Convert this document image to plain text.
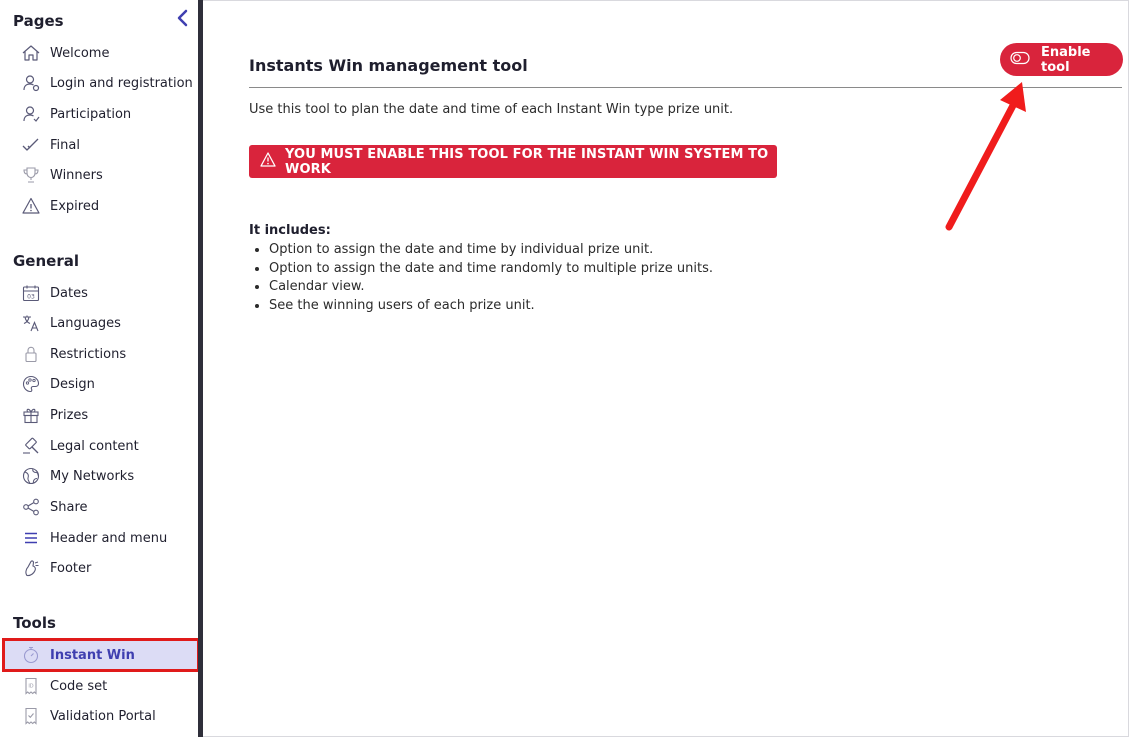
Pages
Welcome
Login and registration
Participation
Final
Winners
Expired
General
03 Dates
Languages
Restrictions
Design
Prizes
Legal content
My Networks
Share
Header and menu
Footer
Tools
Instant Win
ID Code set
Validation Portal
Instants Win management tool
Enable tool
Use this tool to plan the date and time of each Instant Win type prize unit.
YOU MUST ENABLE THIS TOOL FOR THE INSTANT WIN SYSTEM TO WORK
It includes:
• Option to assign the date and time by individual prize unit.
• Option to assign the date and time randomly to multiple prize units.
• Calendar view.
• See the winning users of each prize unit.
